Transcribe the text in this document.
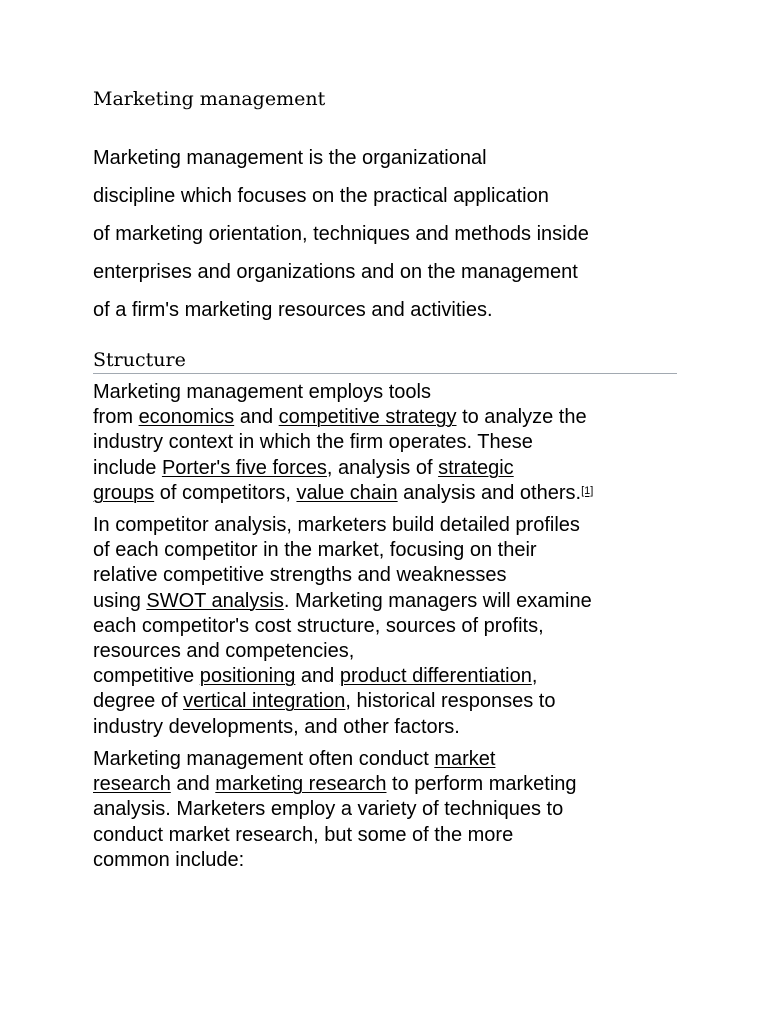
Marketing management
Marketing management is the organizational
discipline which focuses on the practical application
of marketing orientation, techniques and methods inside
enterprises and organizations and on the management
of a firm's marketing resources and activities.
Structure
Marketing management employs tools
from economics and competitive strategy to analyze the
industry context in which the firm operates. These
include Porter's five forces, analysis of strategic
groups of competitors, value chain analysis and others.[1]
In competitor analysis, marketers build detailed profiles
of each competitor in the market, focusing on their
relative competitive strengths and weaknesses
using SWOT analysis. Marketing managers will examine
each competitor's cost structure, sources of profits,
resources and competencies,
competitive positioning and product differentiation,
degree of vertical integration, historical responses to
industry developments, and other factors.
Marketing management often conduct market
research and marketing research to perform marketing
analysis. Marketers employ a variety of techniques to
conduct market research, but some of the more
common include:
